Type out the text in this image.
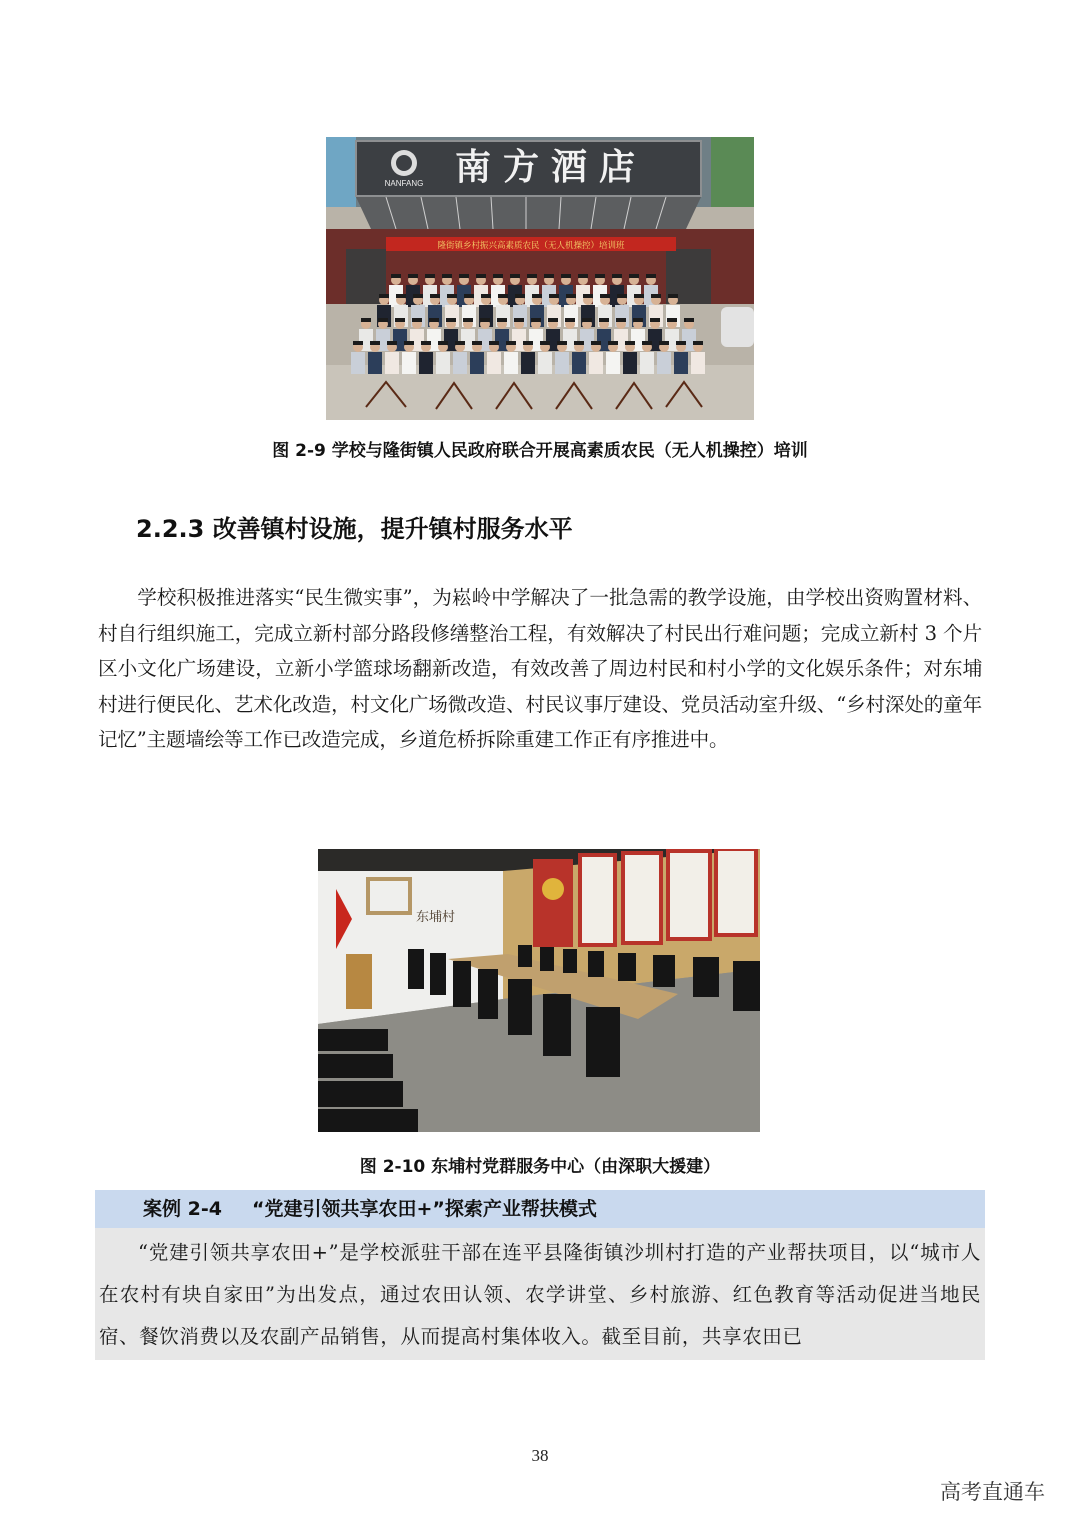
NANFANG 南方酒店
隆街镇乡村振兴高素质农民（无人机操控）培训班
图 2-9 学校与隆街镇人民政府联合开展高素质农民（无人机操控）培训
2.2.3 改善镇村设施，提升镇村服务水平
学校积极推进落实“民生微实事”，为崧岭中学解决了一批急需的教学设施，由学校出资购置材料、村自行组织施工，完成立新村部分路段修缮整治工程，有效解决了村民出行难问题；完成立新村 3 个片区小文化广场建设，立新小学篮球场翻新改造，有效改善了周边村民和村小学的文化娱乐条件；对东埔村进行便民化、艺术化改造，村文化广场微改造、村民议事厅建设、党员活动室升级、“乡村深处的童年记忆”主题墙绘等工作已改造完成，乡道危桥拆除重建工作正有序推进中。
东埔村
图 2-10 东埔村党群服务中心（由深职大援建）
案例 2-4 “党建引领共享农田+”探索产业帮扶模式
“党建引领共享农田+”是学校派驻干部在连平县隆街镇沙圳村打造的产业帮扶项目，以“城市人在农村有块自家田”为出发点，通过农田认领、农学讲堂、乡村旅游、红色教育等活动促进当地民宿、餐饮消费以及农副产品销售，从而提高村集体收入。截至目前，共享农田已
38
高考直通车
